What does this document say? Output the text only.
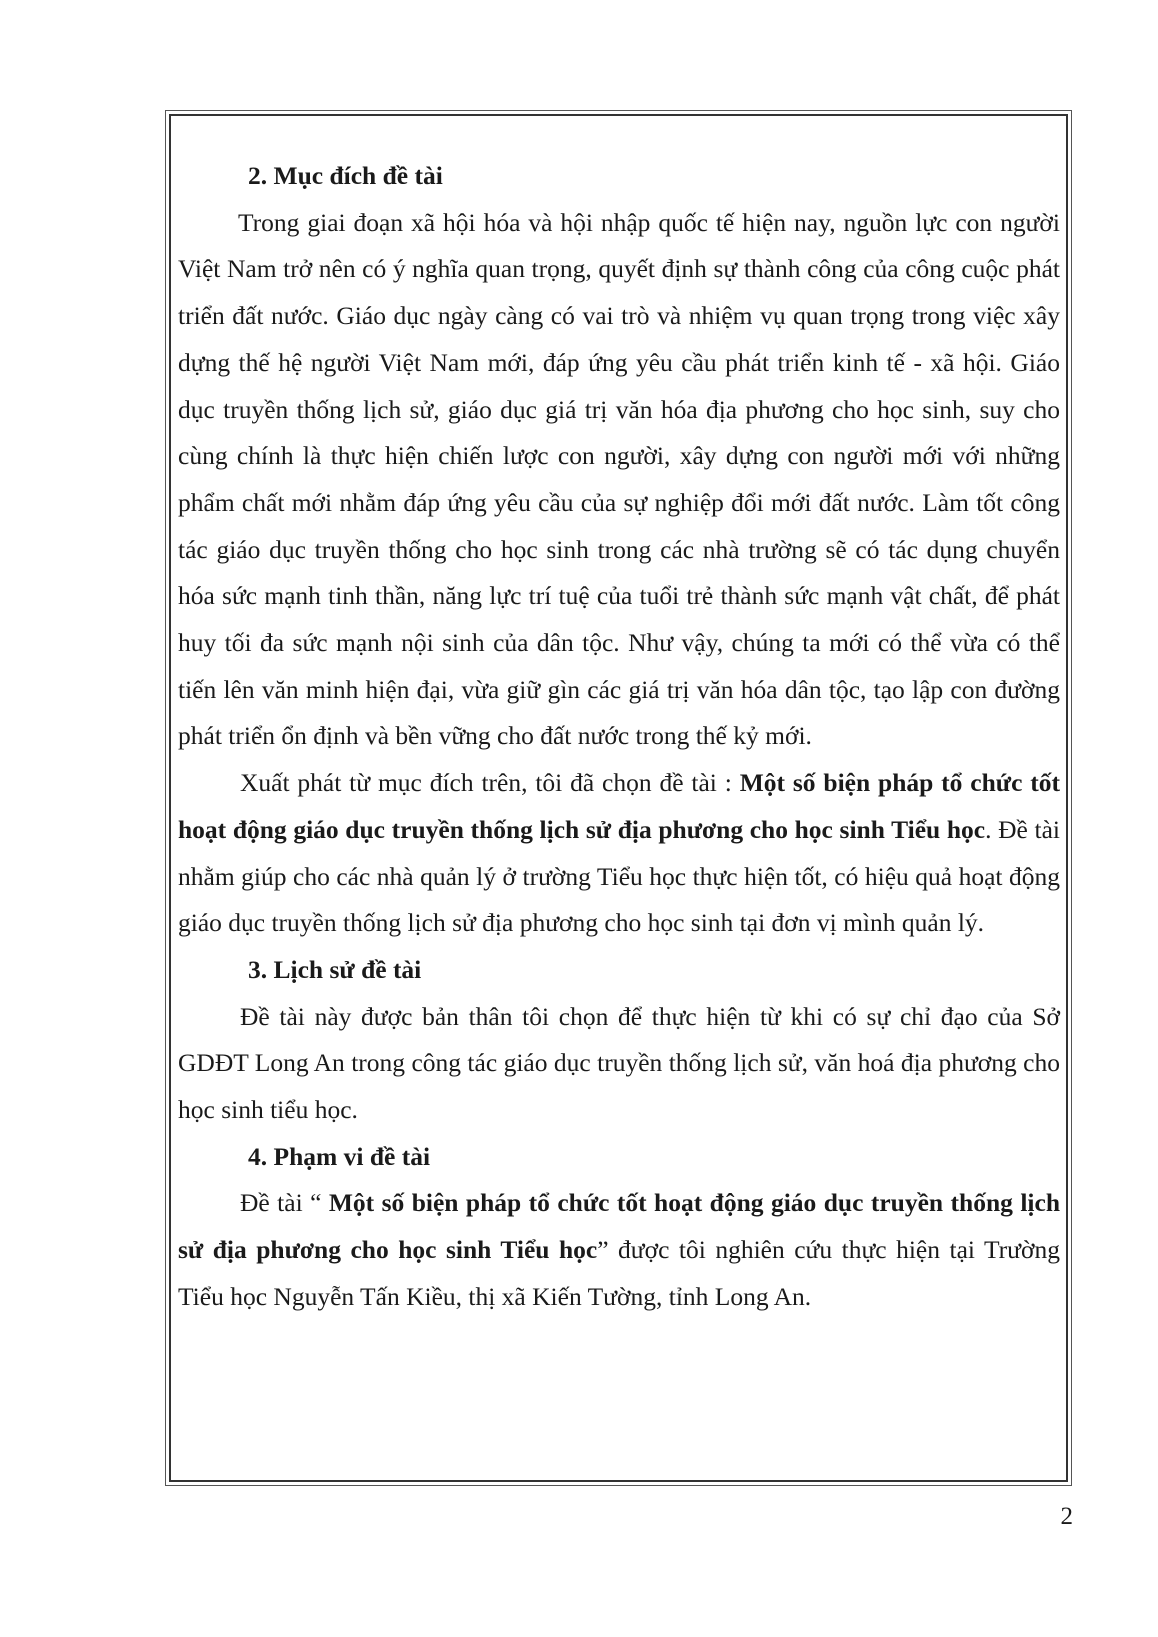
2. Mục đích đề tài

Trong giai đoạn xã hội hóa và hội nhập quốc tế hiện nay, nguồn lực con người Việt Nam trở nên có ý nghĩa quan trọng, quyết định sự thành công của công cuộc phát triển đất nước. Giáo dục ngày càng có vai trò và nhiệm vụ quan trọng trong việc xây dựng thế hệ người Việt Nam mới, đáp ứng yêu cầu phát triển kinh tế - xã hội. Giáo dục truyền thống lịch sử, giáo dục giá trị văn hóa địa phương cho học sinh, suy cho cùng chính là thực hiện chiến lược con người, xây dựng con người mới với những phẩm chất mới nhằm đáp ứng yêu cầu của sự nghiệp đổi mới đất nước. Làm tốt công tác giáo dục truyền thống cho học sinh trong các nhà trường sẽ có tác dụng chuyển hóa sức mạnh tinh thần, năng lực trí tuệ của tuổi trẻ thành sức mạnh vật chất, để phát huy tối đa sức mạnh nội sinh của dân tộc. Như vậy, chúng ta mới có thể vừa có thể tiến lên văn minh hiện đại, vừa giữ gìn các giá trị văn hóa dân tộc, tạo lập con đường phát triển ổn định và bền vững cho đất nước trong thế kỷ mới.

Xuất phát từ mục đích trên, tôi đã chọn đề tài : Một số biện pháp tổ chức tốt hoạt động giáo dục truyền thống lịch sử địa phương cho học sinh Tiểu học. Đề tài nhằm giúp cho các nhà quản lý ở trường Tiểu học thực hiện tốt, có hiệu quả hoạt động giáo dục truyền thống lịch sử địa phương cho học sinh tại đơn vị mình quản lý.

3. Lịch sử đề tài

Đề tài này được bản thân tôi chọn để thực hiện từ khi có sự chỉ đạo của Sở GDĐT Long An trong công tác giáo dục truyền thống lịch sử, văn hoá địa phương cho học sinh tiểu học.

4. Phạm vi đề tài

Đề tài “ Một số biện pháp tổ chức tốt hoạt động giáo dục truyền thống lịch sử địa phương cho học sinh Tiểu học” được tôi nghiên cứu thực hiện tại Trường Tiểu học Nguyễn Tấn Kiều, thị xã Kiến Tường, tỉnh Long An.

2
